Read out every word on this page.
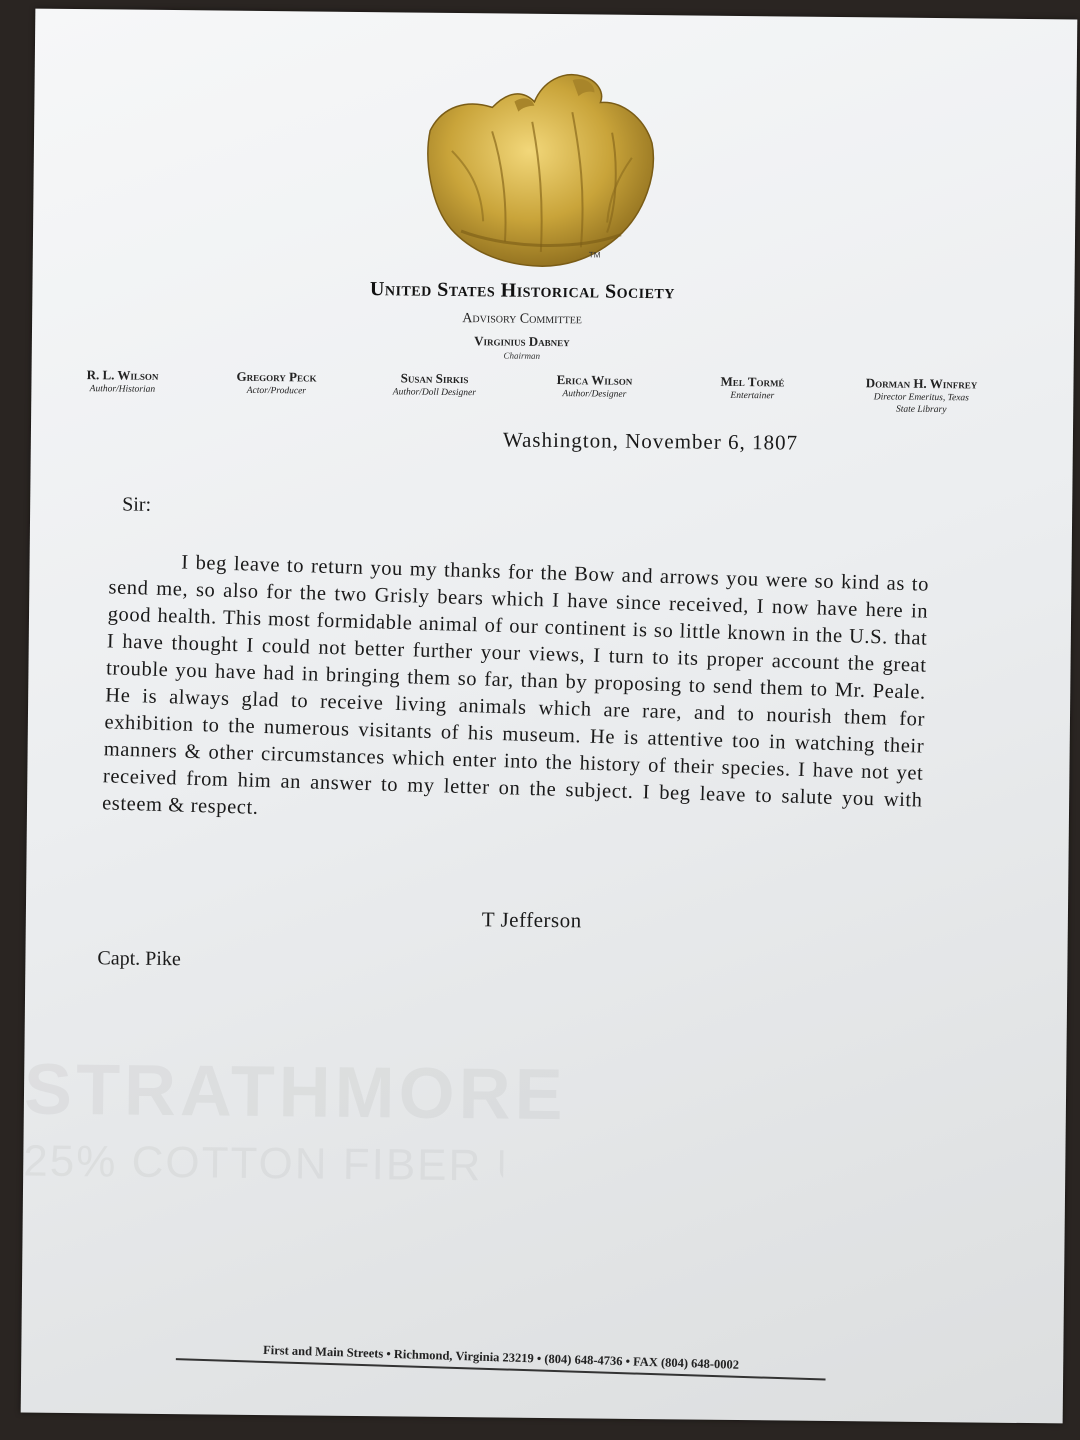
TM
United States Historical Society
Advisory Committee
Virginius Dabney
Chairman
R. L. Wilson
Author/Historian
Gregory Peck
Actor/Producer
Susan Sirkis
Author/Doll Designer
Erica Wilson
Author/Designer
Mel Tormé
Entertainer
Dorman H. Winfrey
Director Emeritus, Texas State Library
Washington, November 6, 1807
Sir:
I beg leave to return you my thanks for the Bow and arrows you were so kind as to send me, so also for the two Grisly bears which I have since received, I now have here in good health. This most formidable animal of our continent is so little known in the U.S. that I have thought I could not better further your views, I turn to its proper account the great trouble you have had in bringing them so far, than by proposing to send them to Mr. Peale. He is always glad to receive living animals which are rare, and to nourish them for exhibition to the numerous visitants of his museum. He is attentive too in watching their manners & other circumstances which enter into the history of their species. I have not yet received from him an answer to my letter on the subject. I beg leave to salute you with esteem & respect.
T Jefferson
Capt. Pike
First and Main Streets • Richmond, Virginia 23219 • (804) 648-4736 • FAX (804) 648-0002
